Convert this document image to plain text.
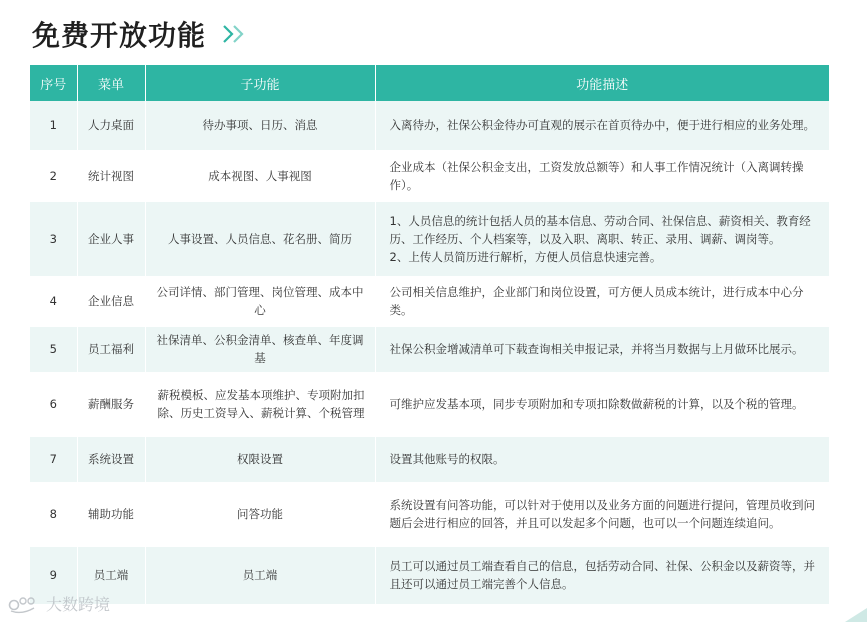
免费开放功能
序号	菜单	子功能	功能描述
1	人力桌面	待办事项、日历、消息	入离待办，社保公积金待办可直观的展示在首页待办中，便于进行相应的业务处理。
2	统计视图	成本视图、人事视图	企业成本（社保公积金支出，工资发放总额等）和人事工作情况统计（入离调转操作）。
3	企业人事	人事设置、人员信息、花名册、简历	1、人员信息的统计包括人员的基本信息、劳动合同、社保信息、薪资相关、教育经历、工作经历、个人档案等，以及入职、离职、转正、录用、调薪、调岗等。
2、上传人员简历进行解析，方便人员信息快速完善。

4	企业信息	公司详情、部门管理、岗位管理、成本中心	公司相关信息维护，企业部门和岗位设置，可方便人员成本统计，进行成本中心分类。
5	员工福利	社保清单、公积金清单、核查单、年度调基	社保公积金增减清单可下载查询相关申报记录，并将当月数据与上月做环比展示。
6	薪酬服务	薪税模板、应发基本项维护、专项附加扣除、历史工资导入、薪税计算、个税管理	可维护应发基本项，同步专项附加和专项扣除数做薪税的计算，以及个税的管理。
7	系统设置	权限设置	设置其他账号的权限。
8	辅助功能	问答功能	系统设置有问答功能，可以针对于使用以及业务方面的问题进行提问，管理员收到问题后会进行相应的回答，并且可以发起多个问题，也可以一个问题连续追问。
9	员工端	员工端	员工可以通过员工端查看自己的信息，包括劳动合同、社保、公积金以及薪资等，并且还可以通过员工端完善个人信息。
大数跨境
